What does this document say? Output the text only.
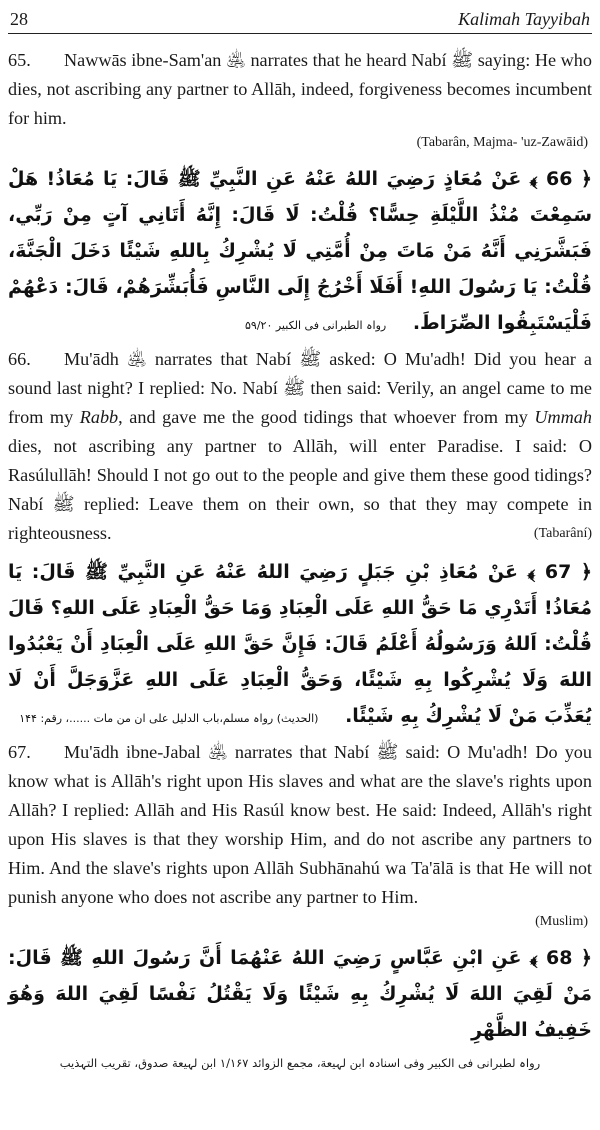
28	Kalimah Tayyibah

65. Nawwās ibne-Sam'an ﵁ narrates that he heard Nabí ﷺ saying: He who dies, not ascribing any partner to Allāh, indeed, forgiveness becomes incumbent for him.

(Tabarân, Majma- 'uz-Zawāid)

﴿ 66 ﴾ عَنْ مُعَاذٍ رَضِيَ اللهُ عَنْهُ عَنِ النَّبِيِّ ﷺ قَالَ: يَا مُعَاذُ! هَلْ سَمِعْتَ مُنْذُ اللَّيْلَةِ حِسًّا؟ قُلْتُ: لَا قَالَ: إِنَّهُ أَتَانِي آتٍ مِنْ رَبِّي، فَبَشَّرَنِي أَنَّهُ مَنْ مَاتَ مِنْ أُمَّتِي لَا يُشْرِكُ بِاللهِ شَيْئًا دَخَلَ الْجَنَّةَ، قُلْتُ: يَا رَسُولَ اللهِ! أَفَلَا أَخْرُجُ إِلَى النَّاسِ فَأُبَشِّرَهُمْ، قَالَ: دَعْهُمْ فَلْيَسْتَبِقُوا الصِّرَاطَ. رواہ الطبرانی فی الکبیر ۵۹/۲۰

66. Mu'ādh ﵁ narrates that Nabí ﷺ asked: O Mu'adh! Did you hear a sound last night? I replied: No. Nabí ﷺ then said: Verily, an angel came to me from my Rabb, and gave me the good tidings that whoever from my Ummah dies, not ascribing any partner to Allāh, will enter Paradise. I said: O Rasúlullāh! Should I not go out to the people and give them these good tidings? Nabí ﷺ replied: Leave them on their own, so that they may compete in righteousness.	(Tabarâní)

﴿ 67 ﴾ عَنْ مُعَاذِ بْنِ جَبَلٍ رَضِيَ اللهُ عَنْهُ عَنِ النَّبِيِّ ﷺ قَالَ: يَا مُعَاذُ! أَتَدْرِي مَا حَقُّ اللهِ عَلَى الْعِبَادِ وَمَا حَقُّ الْعِبَادِ عَلَى اللهِ؟ قَالَ قُلْتُ: اَللهُ وَرَسُولُهُ أَعْلَمُ قَالَ: فَإِنَّ حَقَّ اللهِ عَلَى الْعِبَادِ أَنْ يَعْبُدُوا اللهَ وَلَا يُشْرِكُوا بِهِ شَيْئًا، وَحَقُّ الْعِبَادِ عَلَى اللهِ عَزَّوَجَلَّ أَنْ لَا يُعَذِّبَ مَنْ لَا يُشْرِكُ بِهِ شَيْئًا. (الحدیث) رواہ مسلم،باب الدلیل علی ان من مات ......، رقم: ۱۴۴

67. Mu'ādh ibne-Jabal ﵁ narrates that Nabí ﷺ said: O Mu'adh! Do you know what is Allāh's right upon His slaves and what are the slave's rights upon Allāh? I replied: Allāh and His Rasúl know best. He said: Indeed, Allāh's right upon His slaves is that they worship Him, and do not ascribe any partners to Him. And the slave's rights upon Allāh Subhānahú wa Ta'ālā is that He will not punish anyone who does not ascribe any partner to Him.

(Muslim)

﴿ 68 ﴾ عَنِ ابْنِ عَبَّاسٍ رَضِيَ اللهُ عَنْهُمَا أَنَّ رَسُولَ اللهِ ﷺ قَالَ: مَنْ لَقِيَ اللهَ لَا يُشْرِكُ بِهِ شَيْئًا وَلَا يَقْتُلُ نَفْسًا لَقِيَ اللهَ وَهُوَ خَفِيفُ الظَّهْرِ
رواہ لطبرانی فی الکبیر وفی اسنادہ ابن لہیعة، مجمع الزوائد ۱/۱۶۷ ابن لہیعة صدوق، تقریب التہذیب
